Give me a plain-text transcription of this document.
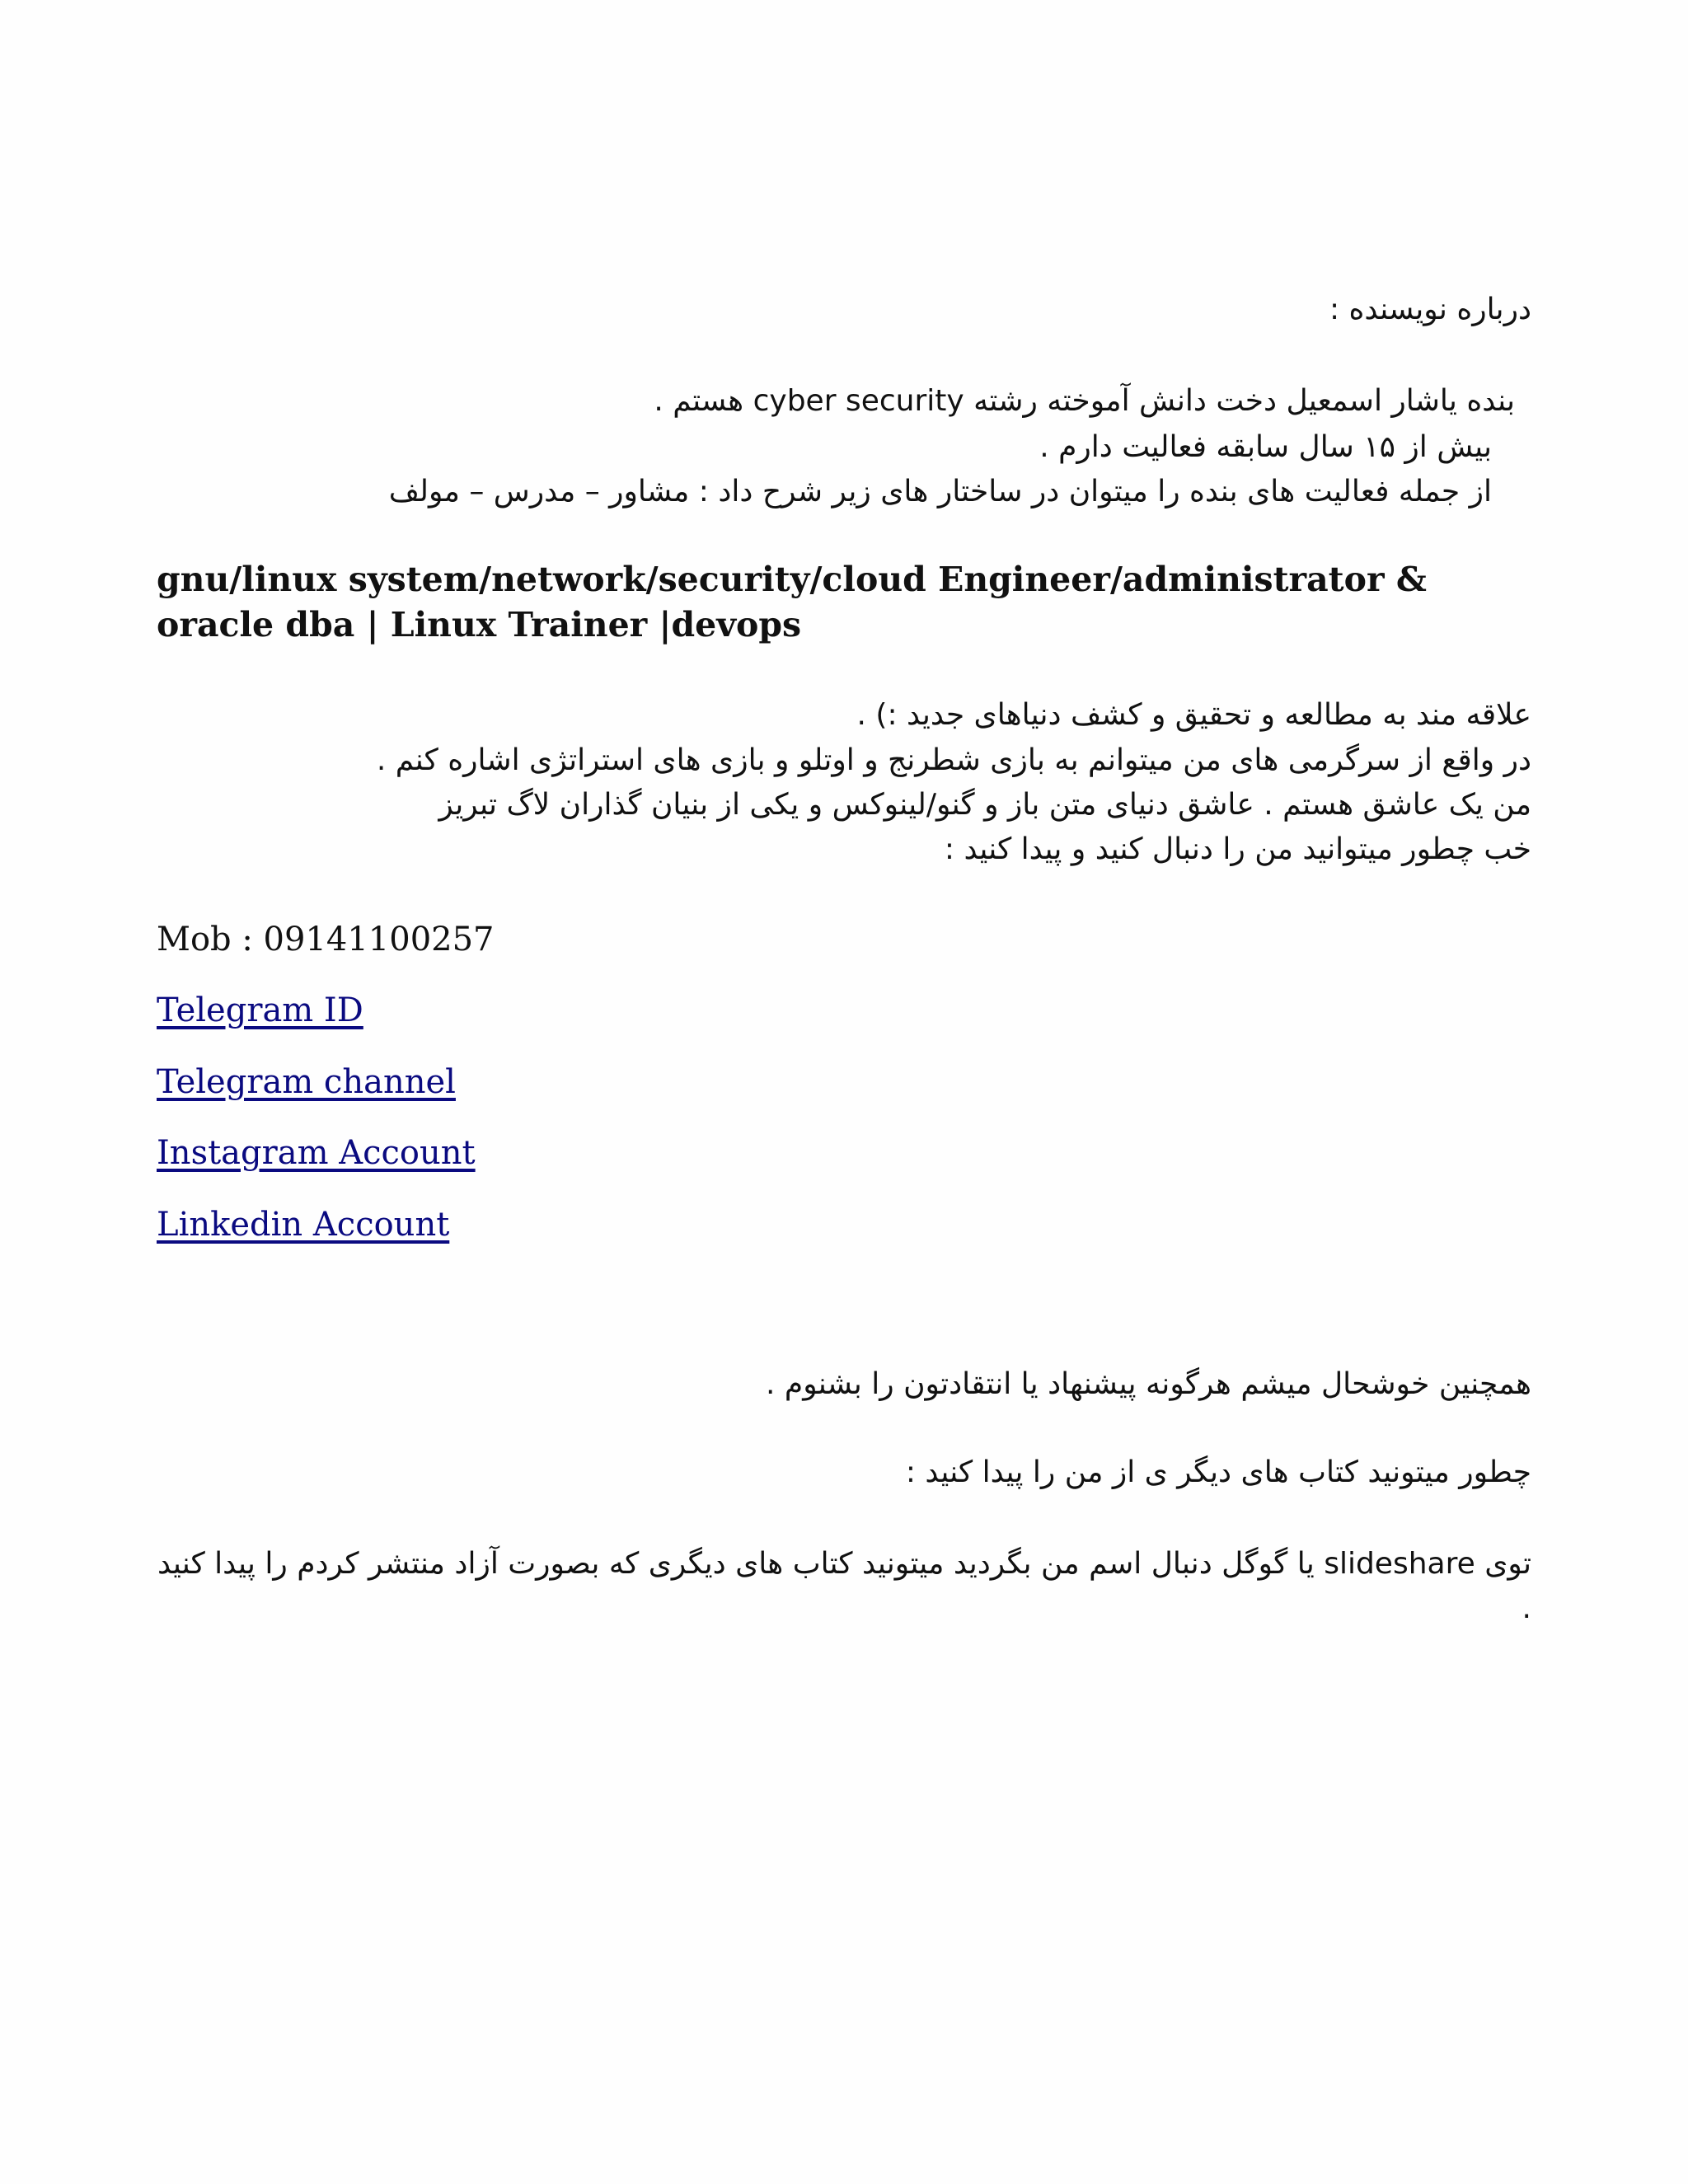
درباره نویسنده :

بنده یاشار اسمعیل دخت دانش آموخته رشته cyber security هستم .

بیش از ۱۵ سال سابقه فعالیت دارم .

از جمله فعالیت های بنده را میتوان در ساختار های زیر شرح داد : مشاور – مدرس – مولف

gnu/linux system/network/security/cloud Engineer/administrator & oracle dba | Linux Trainer |devops

علاقه مند به مطالعه و تحقیق و کشف دنیاهای جدید :) .

در واقع از سرگرمی های من میتوانم به بازی شطرنج و اوتلو و بازی های استراتژی اشاره کنم .

من یک عاشق هستم . عاشق دنیای متن باز و گنو/لینوکس و یکی از بنیان گذاران لاگ تبریز

خب چطور میتوانید من را دنبال کنید و پیدا کنید :

Mob : 09141100257

Telegram ID
Telegram channel
Instagram Account
Linkedin Account

همچنین خوشحال میشم هرگونه پیشنهاد یا انتقادتون را بشنوم .

چطور میتونید کتاب های دیگر ی از من را پیدا کنید :

توی slideshare یا گوگل دنبال اسم من بگردید میتونید کتاب های دیگری که بصورت آزاد منتشر کردم را پیدا کنید .
